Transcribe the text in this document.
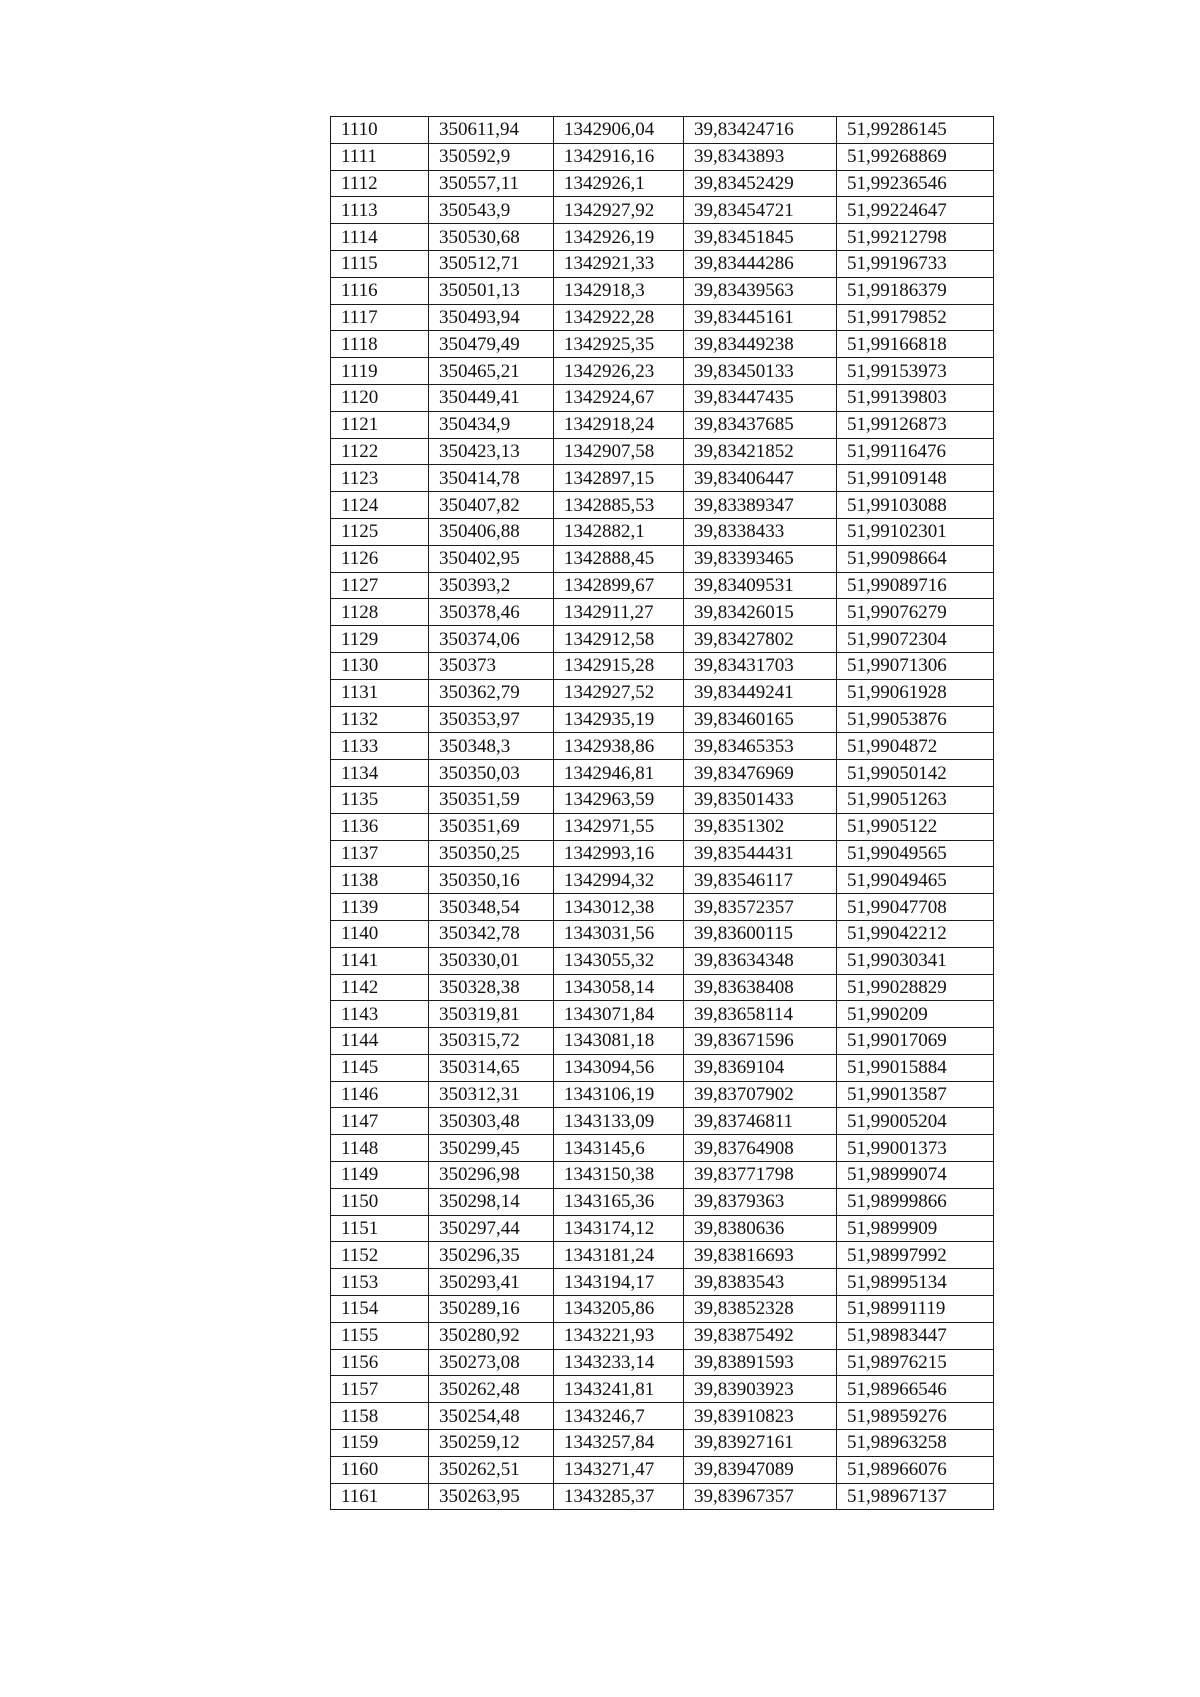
1110	350611,94	1342906,04	39,83424716	51,99286145
1111	350592,9	1342916,16	39,8343893	51,99268869
1112	350557,11	1342926,1	39,83452429	51,99236546
1113	350543,9	1342927,92	39,83454721	51,99224647
1114	350530,68	1342926,19	39,83451845	51,99212798
1115	350512,71	1342921,33	39,83444286	51,99196733
1116	350501,13	1342918,3	39,83439563	51,99186379
1117	350493,94	1342922,28	39,83445161	51,99179852
1118	350479,49	1342925,35	39,83449238	51,99166818
1119	350465,21	1342926,23	39,83450133	51,99153973
1120	350449,41	1342924,67	39,83447435	51,99139803
1121	350434,9	1342918,24	39,83437685	51,99126873
1122	350423,13	1342907,58	39,83421852	51,99116476
1123	350414,78	1342897,15	39,83406447	51,99109148
1124	350407,82	1342885,53	39,83389347	51,99103088
1125	350406,88	1342882,1	39,8338433	51,99102301
1126	350402,95	1342888,45	39,83393465	51,99098664
1127	350393,2	1342899,67	39,83409531	51,99089716
1128	350378,46	1342911,27	39,83426015	51,99076279
1129	350374,06	1342912,58	39,83427802	51,99072304
1130	350373	1342915,28	39,83431703	51,99071306
1131	350362,79	1342927,52	39,83449241	51,99061928
1132	350353,97	1342935,19	39,83460165	51,99053876
1133	350348,3	1342938,86	39,83465353	51,9904872
1134	350350,03	1342946,81	39,83476969	51,99050142
1135	350351,59	1342963,59	39,83501433	51,99051263
1136	350351,69	1342971,55	39,8351302	51,9905122
1137	350350,25	1342993,16	39,83544431	51,99049565
1138	350350,16	1342994,32	39,83546117	51,99049465
1139	350348,54	1343012,38	39,83572357	51,99047708
1140	350342,78	1343031,56	39,83600115	51,99042212
1141	350330,01	1343055,32	39,83634348	51,99030341
1142	350328,38	1343058,14	39,83638408	51,99028829
1143	350319,81	1343071,84	39,83658114	51,990209
1144	350315,72	1343081,18	39,83671596	51,99017069
1145	350314,65	1343094,56	39,8369104	51,99015884
1146	350312,31	1343106,19	39,83707902	51,99013587
1147	350303,48	1343133,09	39,83746811	51,99005204
1148	350299,45	1343145,6	39,83764908	51,99001373
1149	350296,98	1343150,38	39,83771798	51,98999074
1150	350298,14	1343165,36	39,8379363	51,98999866
1151	350297,44	1343174,12	39,8380636	51,9899909
1152	350296,35	1343181,24	39,83816693	51,98997992
1153	350293,41	1343194,17	39,8383543	51,98995134
1154	350289,16	1343205,86	39,83852328	51,98991119
1155	350280,92	1343221,93	39,83875492	51,98983447
1156	350273,08	1343233,14	39,83891593	51,98976215
1157	350262,48	1343241,81	39,83903923	51,98966546
1158	350254,48	1343246,7	39,83910823	51,98959276
1159	350259,12	1343257,84	39,83927161	51,98963258
1160	350262,51	1343271,47	39,83947089	51,98966076
1161	350263,95	1343285,37	39,83967357	51,98967137
